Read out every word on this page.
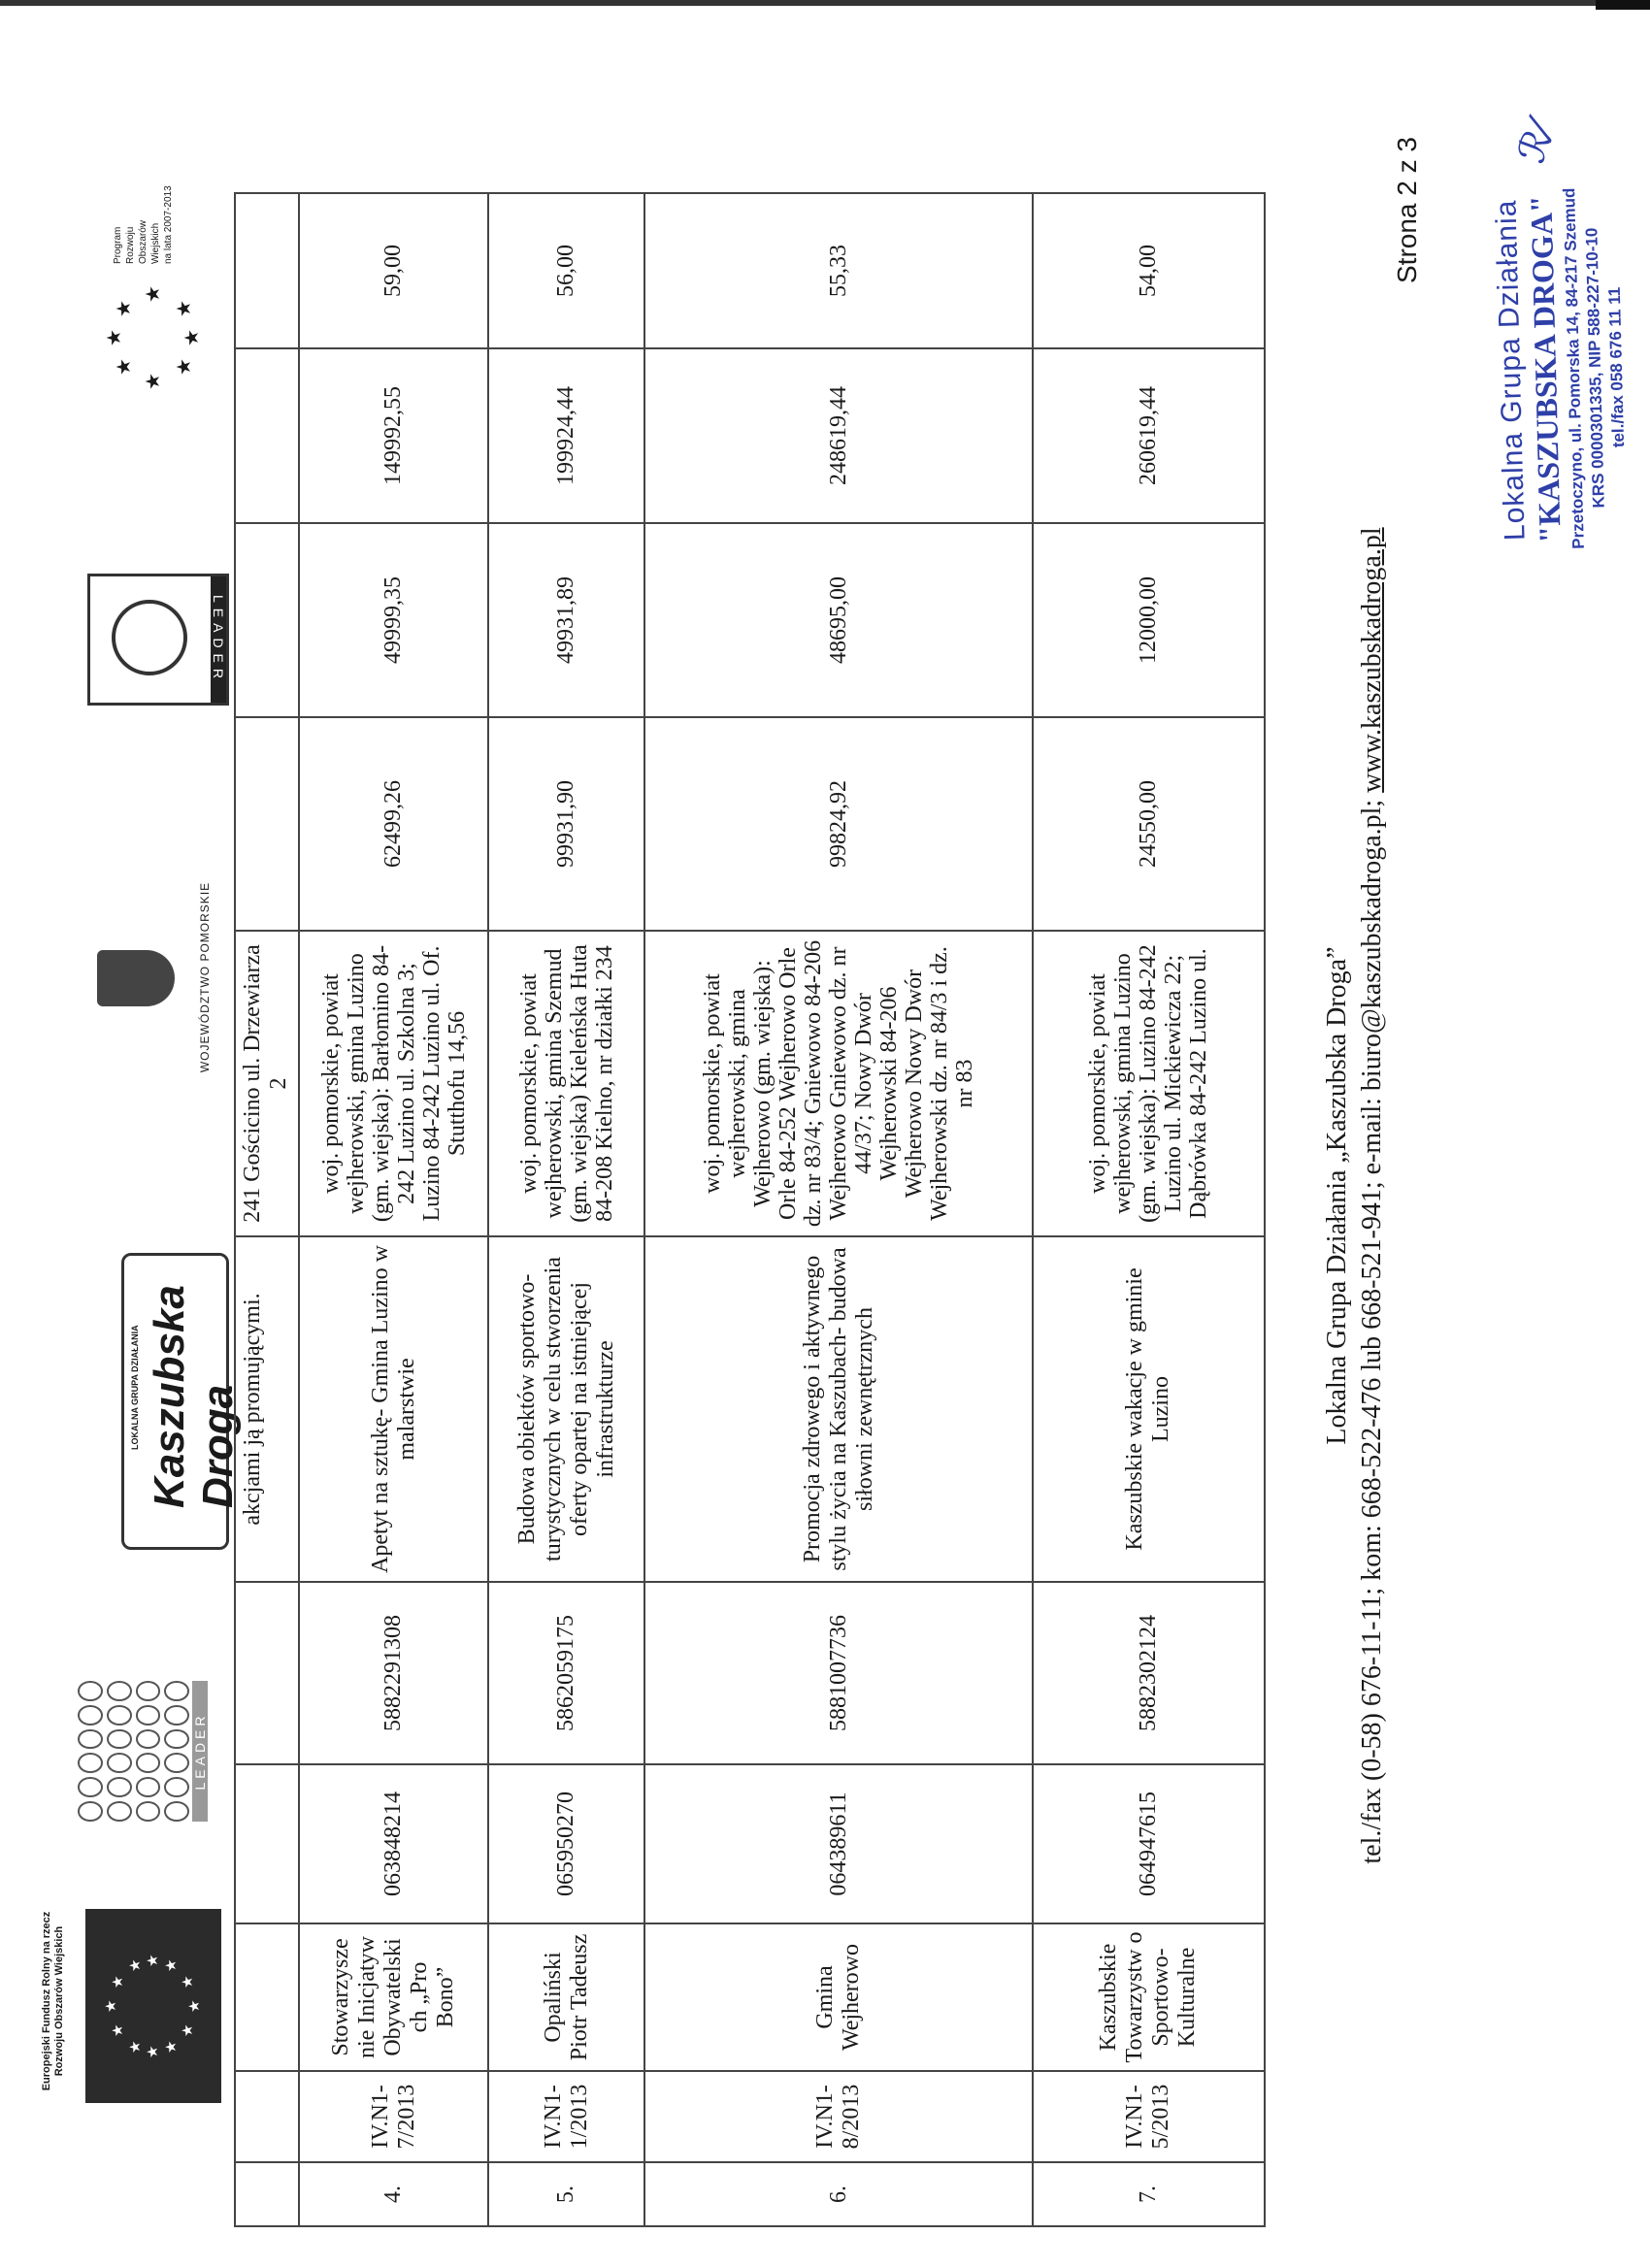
Europejski Fundusz Rolny na rzecz Rozwoju Obszarów Wiejskich	★
★
★ ★ ★
★
★
★
★
★
★
★
LEADER
LOKALNA GRUPA DZIAŁANIA Kaszubska Droga
WOJEWÓDZTWO POMORSKIE
LEADER
★
★
★
★
★
★
★
★
Program Rozwoju Obszarów Wiejskich na lata 2007-2013
					akcjami ją promującymi.	241 Gościcino ul. Drzewiarza 2				
4.	IV.N1-7/2013	Stowarzysze nie Inicjatyw Obywatelski ch „Pro Bono”	063848214	5882291308	Apetyt na sztukę- Gmina Luzino w malarstwie	woj. pomorskie, powiat wejherowski, gmina Luzino (gm. wiejska): Barłomino 84-242 Luzino ul. Szkolna 3; Luzino 84-242 Luzino ul. Of. Stutthofu 14,56	62499,26	49999,35	149992,55	59,00
5.	IV.N1-1/2013	Opaliński Piotr Tadeusz	065950270	5862059175	Budowa obiektów sportowo- turystycznych w celu stworzenia oferty opartej na istniejącej infrastrukturze	woj. pomorskie, powiat wejherowski, gmina Szemud (gm. wiejska) Kieleńska Huta 84-208 Kielno, nr działki 234	99931,90	49931,89	199924,44	56,00
6.	IV.N1-8/2013	Gmina Wejherowo	064389611	5881007736	Promocja zdrowego i aktywnego stylu życia na Kaszubach- budowa siłowni zewnętrznych	woj. pomorskie, powiat wejherowski, gmina Wejherowo (gm. wiejska): Orle 84-252 Wejherowo Orle dz. nr 83/4; Gniewowo 84-206 Wejherowo Gniewowo dz. nr 44/37; Nowy Dwór Wejherowski 84-206 Wejherowo Nowy Dwór Wejherowski dz. nr 84/3 i dz. nr 83	99824,92	48695,00	248619,44	55,33
7.	IV.N1-5/2013	Kaszubskie Towarzystw o Sportowo-Kulturalne	064947615	5882302124	Kaszubskie wakacje w gminie Luzino	woj. pomorskie, powiat wejherowski, gmina Luzino (gm. wiejska): Luzino 84-242 Luzino ul. Mickiewicza 22; Dąbrówka 84-242 Luzino ul.	24550,00	12000,00	260619,44	54,00
Lokalna Grupa Działania „Kaszubska Droga” tel./fax (0-58) 676-11-11; kom: 668-522-476 lub 668-521-941; e-mail: biuro@kaszubskadroga.pl; www.kaszubskadroga.pl
Strona 2 z 3 Lokalna Grupa Działania
"KASZUBSKA DROGA"
Przetoczyno, ul. Pomorska 14, 84-217 Szemud
KRS 0000301335, NIP 588-227-10-10
tel./fax 058 676 11 11
ℛ⁄
